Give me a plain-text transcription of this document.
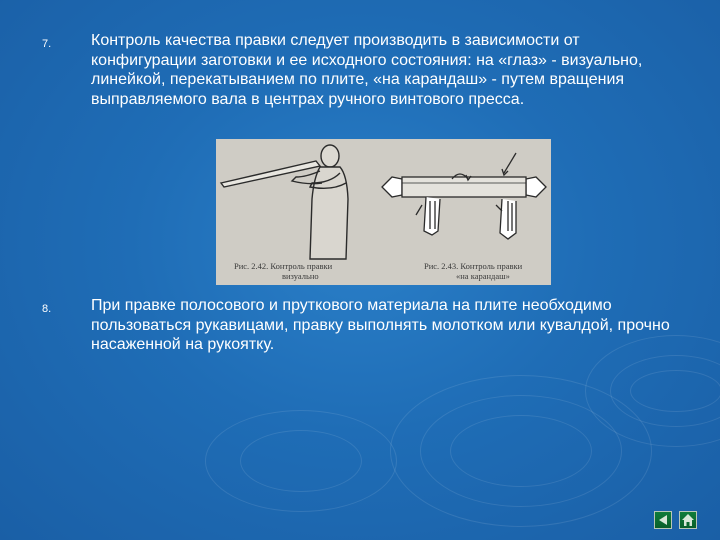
7. Контроль качества правки следует производить в зависимости от конфигурации заготовки и ее исходного состояния: на «глаз» - визуально, линейкой, перекатыванием по плите, «на карандаш» - путем вращения выправляемого вала в центрах ручного винтового пресса.
Рис. 2.42. Контроль правки
визуально
Рис. 2.43. Контроль правки
«на карандаш»
8. При правке полосового и пруткового материала на плите необходимо пользоваться рукавицами, правку выполнять молотком или кувалдой, прочно насаженной на рукоятку.
